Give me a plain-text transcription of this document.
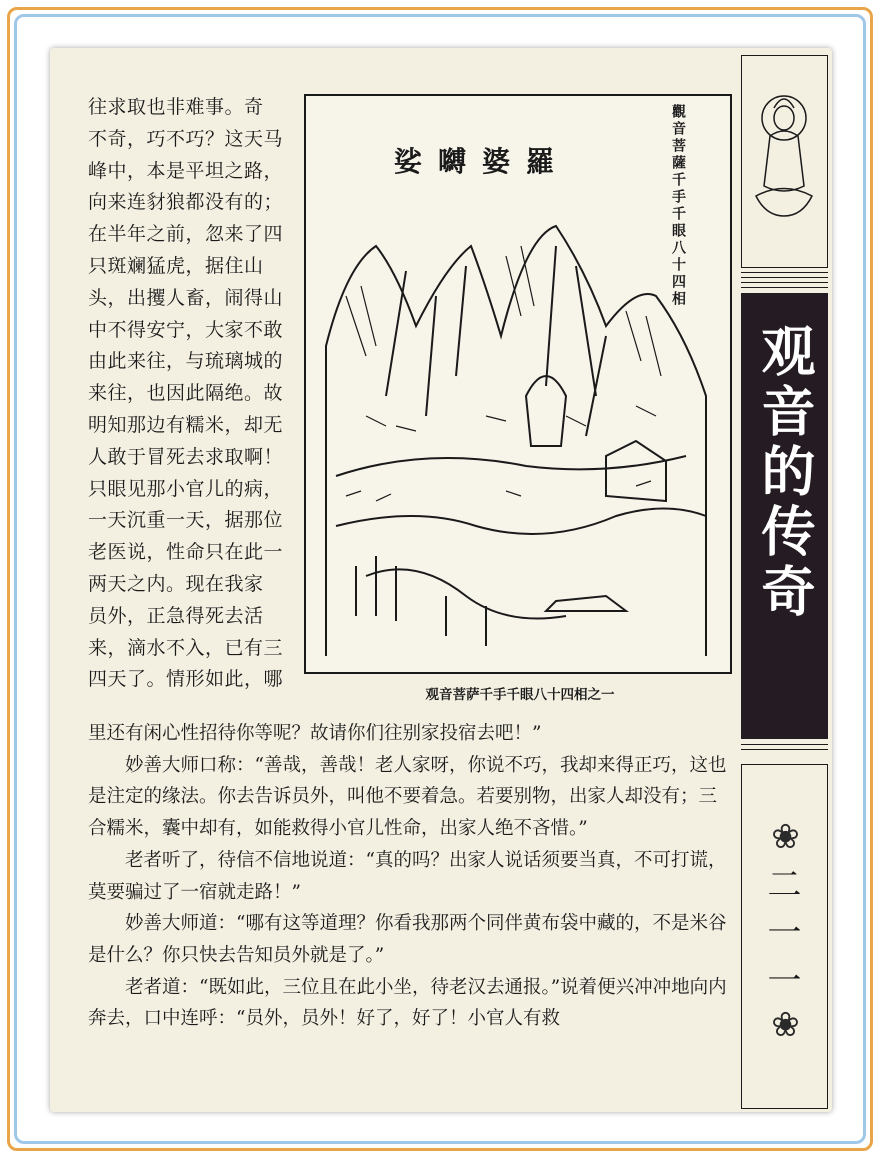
往求取也非难事。奇

不奇，巧不巧？这天马

峰中，本是平坦之路，

向来连豺狼都没有的；

在半年之前，忽来了四

只斑斓猛虎，据住山

头，出攫人畜，闹得山

中不得安宁，大家不敢

由此来往，与琉璃城的

来往，也因此隔绝。故

明知那边有糯米，却无

人敢于冒死去求取啊！

只眼见那小官儿的病，

一天沉重一天，据那位

老医说，性命只在此一

两天之内。现在我家

员外，正急得死去活

来，滴水不入，已有三

四天了。情形如此，哪

娑嚩婆羅	觀音菩薩千手千眼八十四相
观音菩萨千手千眼八十四相之一

里还有闲心性招待你等呢？故请你们往别家投宿去吧！”

妙善大师口称：“善哉，善哉！老人家呀，你说不巧，我却来得正巧，这也是注定的缘法。你去告诉员外，叫他不要着急。若要别物，出家人却没有；三合糯米，囊中却有，如能救得小官儿性命，出家人绝不吝惜。”

老者听了，待信不信地说道：“真的吗？出家人说话须要当真，不可打谎，莫要骗过了一宿就走路！”

妙善大师道：“哪有这等道理？你看我那两个同伴黄布袋中藏的，不是米谷是什么？你只快去告知员外就是了。”

老者道：“既如此，三位且在此小坐，待老汉去通报。”说着便兴冲冲地向内奔去，口中连呼：“员外，员外！好了，好了！小官人有救

观音的传奇
❀
二一一
❀
